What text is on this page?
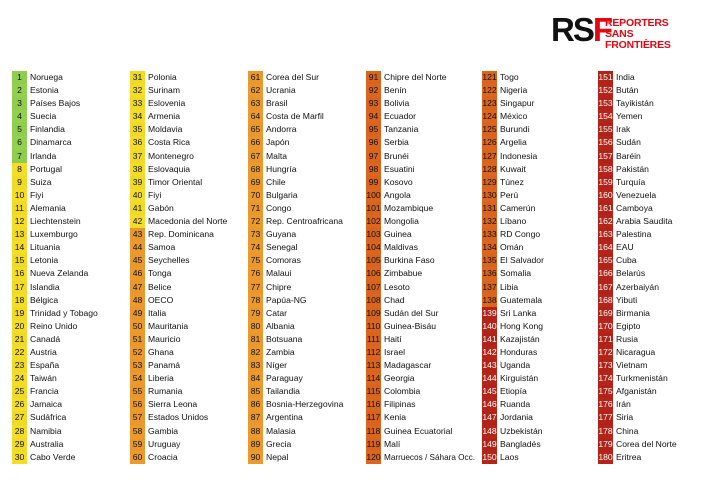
RSF
REPORTERS
SANS FRONTIÈRES
1 Noruega
2 Estonia
3 Países Bajos
4 Suecia
5 Finlandia
6 Dinamarca
7 Irlanda
8 Portugal
9 Suiza
10 Fiyi
11 Alemania
12 Liechtenstein
13 Luxemburgo
14 Lituania
15 Letonia
16 Nueva Zelanda
17 Islandia
18 Bélgica
19 Trinidad y Tobago
20 Reino Unido
21 Canadá
22 Austria
23 España
24 Taiwán
25 Francia
26 Jamaica
27 Sudáfrica
28 Namibia
29 Australia
30 Cabo Verde
31 Polonia
32 Surinam
33 Eslovenia
34 Armenia
35 Moldavia
36 Costa Rica
37 Montenegro
38 Eslovaquia
39 Timor Oriental
40 Fiyi
41 Gabón
42 Macedonia del Norte
43 Rep. Dominicana
44 Samoa
45 Seychelles
46 Tonga
47 Belice
48 OECO
49 Italia
50 Mauritania
51 Mauricio
52 Ghana
53 Panamá
54 Liberia
55 Rumania
56 Sierra Leona
57 Estados Unidos
58 Gambia
59 Uruguay
60 Croacia
61 Corea del Sur
62 Ucrania
63 Brasil
64 Costa de Marfil
65 Andorra
66 Japón
67 Malta
68 Hungría
69 Chile
70 Bulgaria
71 Congo
72 Rep. Centroafricana
73 Guyana
74 Senegal
75 Comoras
76 Malaui
77 Chipre
78 Papúa-NG
79 Catar
80 Albania
81 Botsuana
82 Zambia
83 Níger
84 Paraguay
85 Tailandia
86 Bosnia-Herzegovina
87 Argentina
88 Malasia
89 Grecia
90 Nepal
91 Chipre del Norte
92 Benín
93 Bolivia
94 Ecuador
95 Tanzania
96 Serbia
97 Brunéi
98 Esuatini
99 Kosovo
100 Angola
101 Mozambique
102 Mongolia
103 Guinea
104 Maldivas
105 Burkina Faso
106 Zimbabue
107 Lesoto
108 Chad
109 Sudán del Sur
110 Guinea-Bisáu
111 Haití
112 Israel
113 Madagascar
114 Georgia
115 Colombia
116 Filipinas
117 Kenia
118 Guinea Ecuatorial
119 Malí
120 Marruecos / Sáhara Occ.
121 Togo
122 Nigeria
123 Singapur
124 México
125 Burundi
126 Argelia
127 Indonesia
128 Kuwait
129 Túnez
130 Perú
131 Camerún
132 Líbano
133 RD Congo
134 Omán
135 El Salvador
136 Somalia
137 Libia
138 Guatemala
139 Sri Lanka
140 Hong Kong
141 Kazajistán
142 Honduras
143 Uganda
144 Kirguistán
145 Etiopía
146 Ruanda
147 Jordania
148 Uzbekistán
149 Bangladés
150 Laos
151 India
152 Bután
153 Tayikistán
154 Yemen
155 Irak
156 Sudán
157 Baréin
158 Pakistán
159 Turquía
160 Venezuela
161 Camboya
162 Arabia Saudita
163 Palestina
164 EAU
165 Cuba
166 Belarús
167 Azerbaiyán
168 Yibuti
169 Birmania
170 Egipto
171 Rusia
172 Nicaragua
173 Vietnam
174 Turkmenistán
175 Afganistán
176 Irán
177 Siria
178 China
179 Corea del Norte
180 Eritrea
